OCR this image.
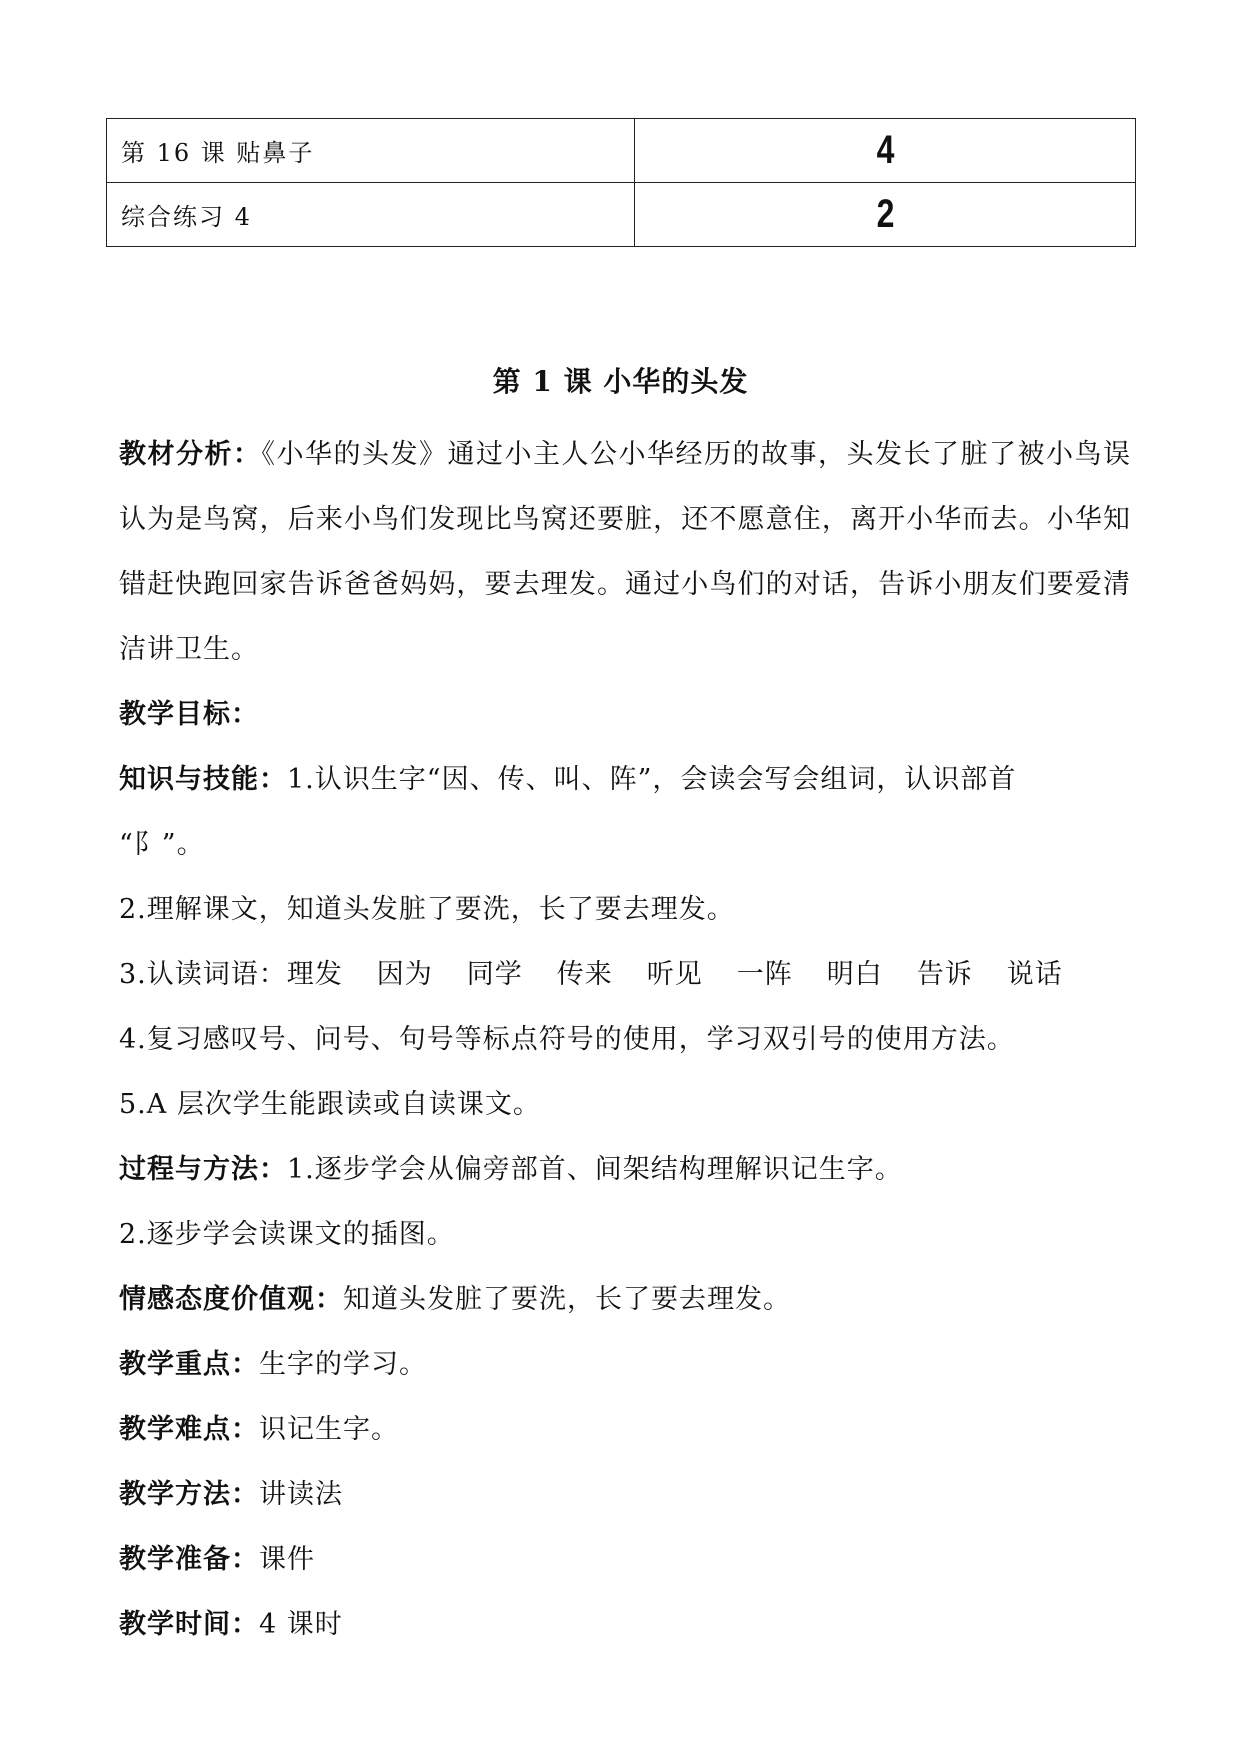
第 16 课 贴鼻子	4
综合练习 4	2
第 1 课 小华的头发

教材分析：《小华的头发》通过小主人公小华经历的故事，头发长了脏了被小鸟误认为是鸟窝，后来小鸟们发现比鸟窝还要脏，还不愿意住，离开小华而去。小华知错赶快跑回家告诉爸爸妈妈，要去理发。通过小鸟们的对话，告诉小朋友们要爱清洁讲卫生。

教学目标：

知识与技能：1.认识生字“因、传、叫、阵”，会读会写会组词，认识部首

“阝”。

2.理解课文，知道头发脏了要洗，长了要去理发。

3.认读词语：理发 因为 同学 传来 听见 一阵 明白 告诉 说话

4.复习感叹号、问号、句号等标点符号的使用，学习双引号的使用方法。

5.A 层次学生能跟读或自读课文。

过程与方法：1.逐步学会从偏旁部首、间架结构理解识记生字。

2.逐步学会读课文的插图。

情感态度价值观：知道头发脏了要洗，长了要去理发。

教学重点：生字的学习。

教学难点：识记生字。

教学方法：讲读法

教学准备：课件

教学时间：4 课时
